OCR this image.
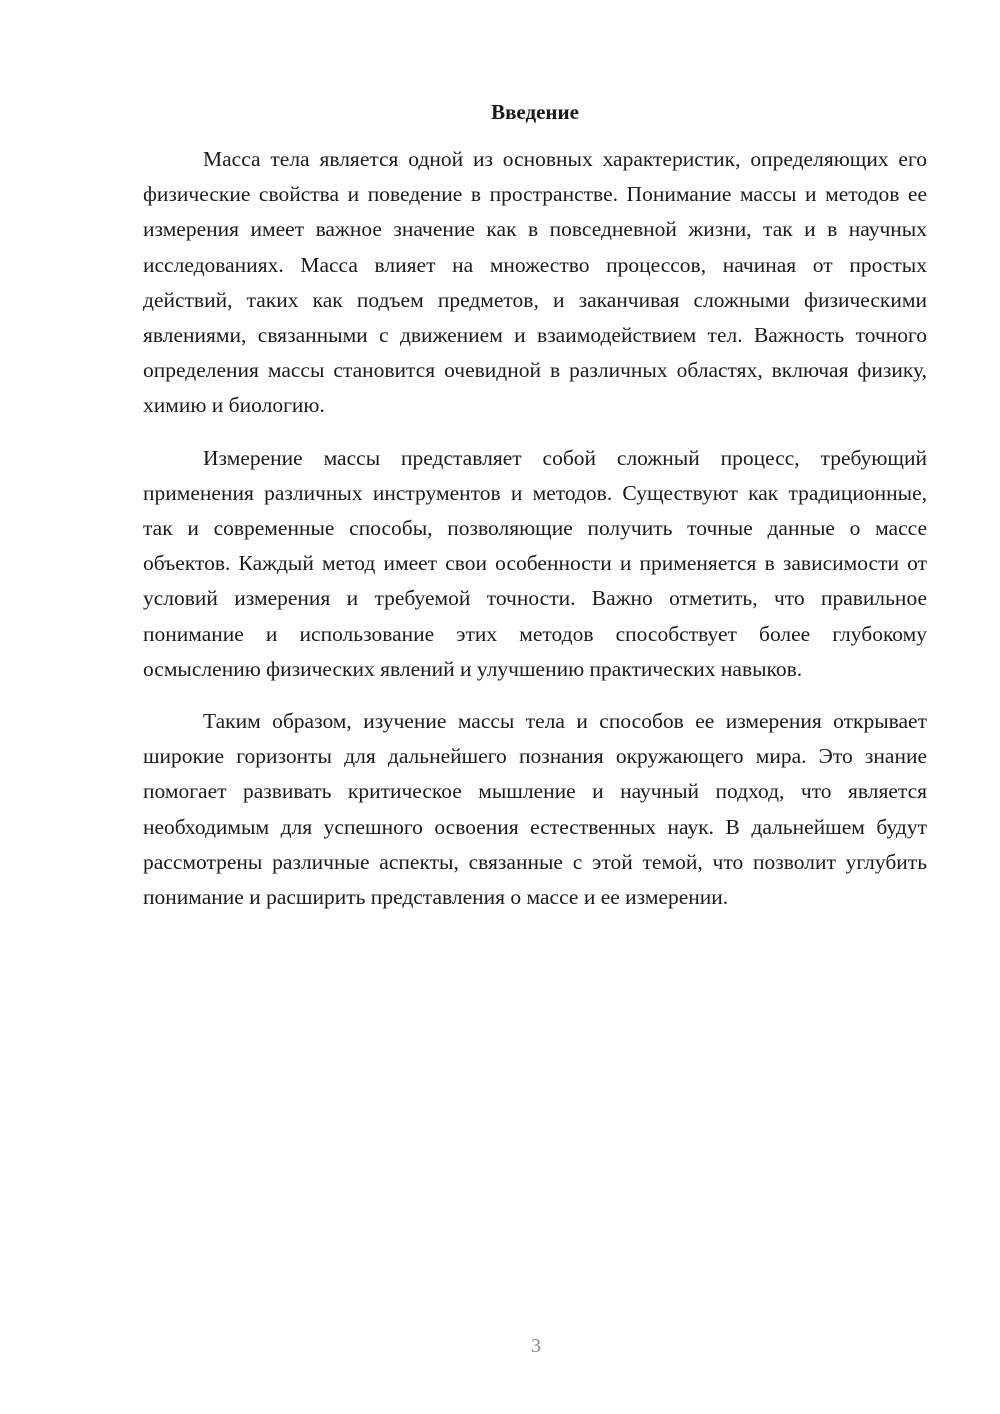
Введение

Масса тела является одной из основных характеристик, определяющих его физические свойства и поведение в пространстве. Понимание массы и методов ее измерения имеет важное значение как в повседневной жизни, так и в научных исследованиях. Масса влияет на множество процессов, начиная от простых действий, таких как подъем предметов, и заканчивая сложными физическими явлениями, связанными с движением и взаимодействием тел. Важность точного определения массы становится очевидной в различных областях, включая физику, химию и биологию.

Измерение массы представляет собой сложный процесс, требующий применения различных инструментов и методов. Существуют как традиционные, так и современные способы, позволяющие получить точные данные о массе объектов. Каждый метод имеет свои особенности и применяется в зависимости от условий измерения и требуемой точности. Важно отметить, что правильное понимание и использование этих методов способствует более глубокому осмыслению физических явлений и улучшению практических навыков.

Таким образом, изучение массы тела и способов ее измерения открывает широкие горизонты для дальнейшего познания окружающего мира. Это знание помогает развивать критическое мышление и научный подход, что является необходимым для успешного освоения естественных наук. В дальнейшем будут рассмотрены различные аспекты, связанные с этой темой, что позволит углубить понимание и расширить представления о массе и ее измерении.

3
